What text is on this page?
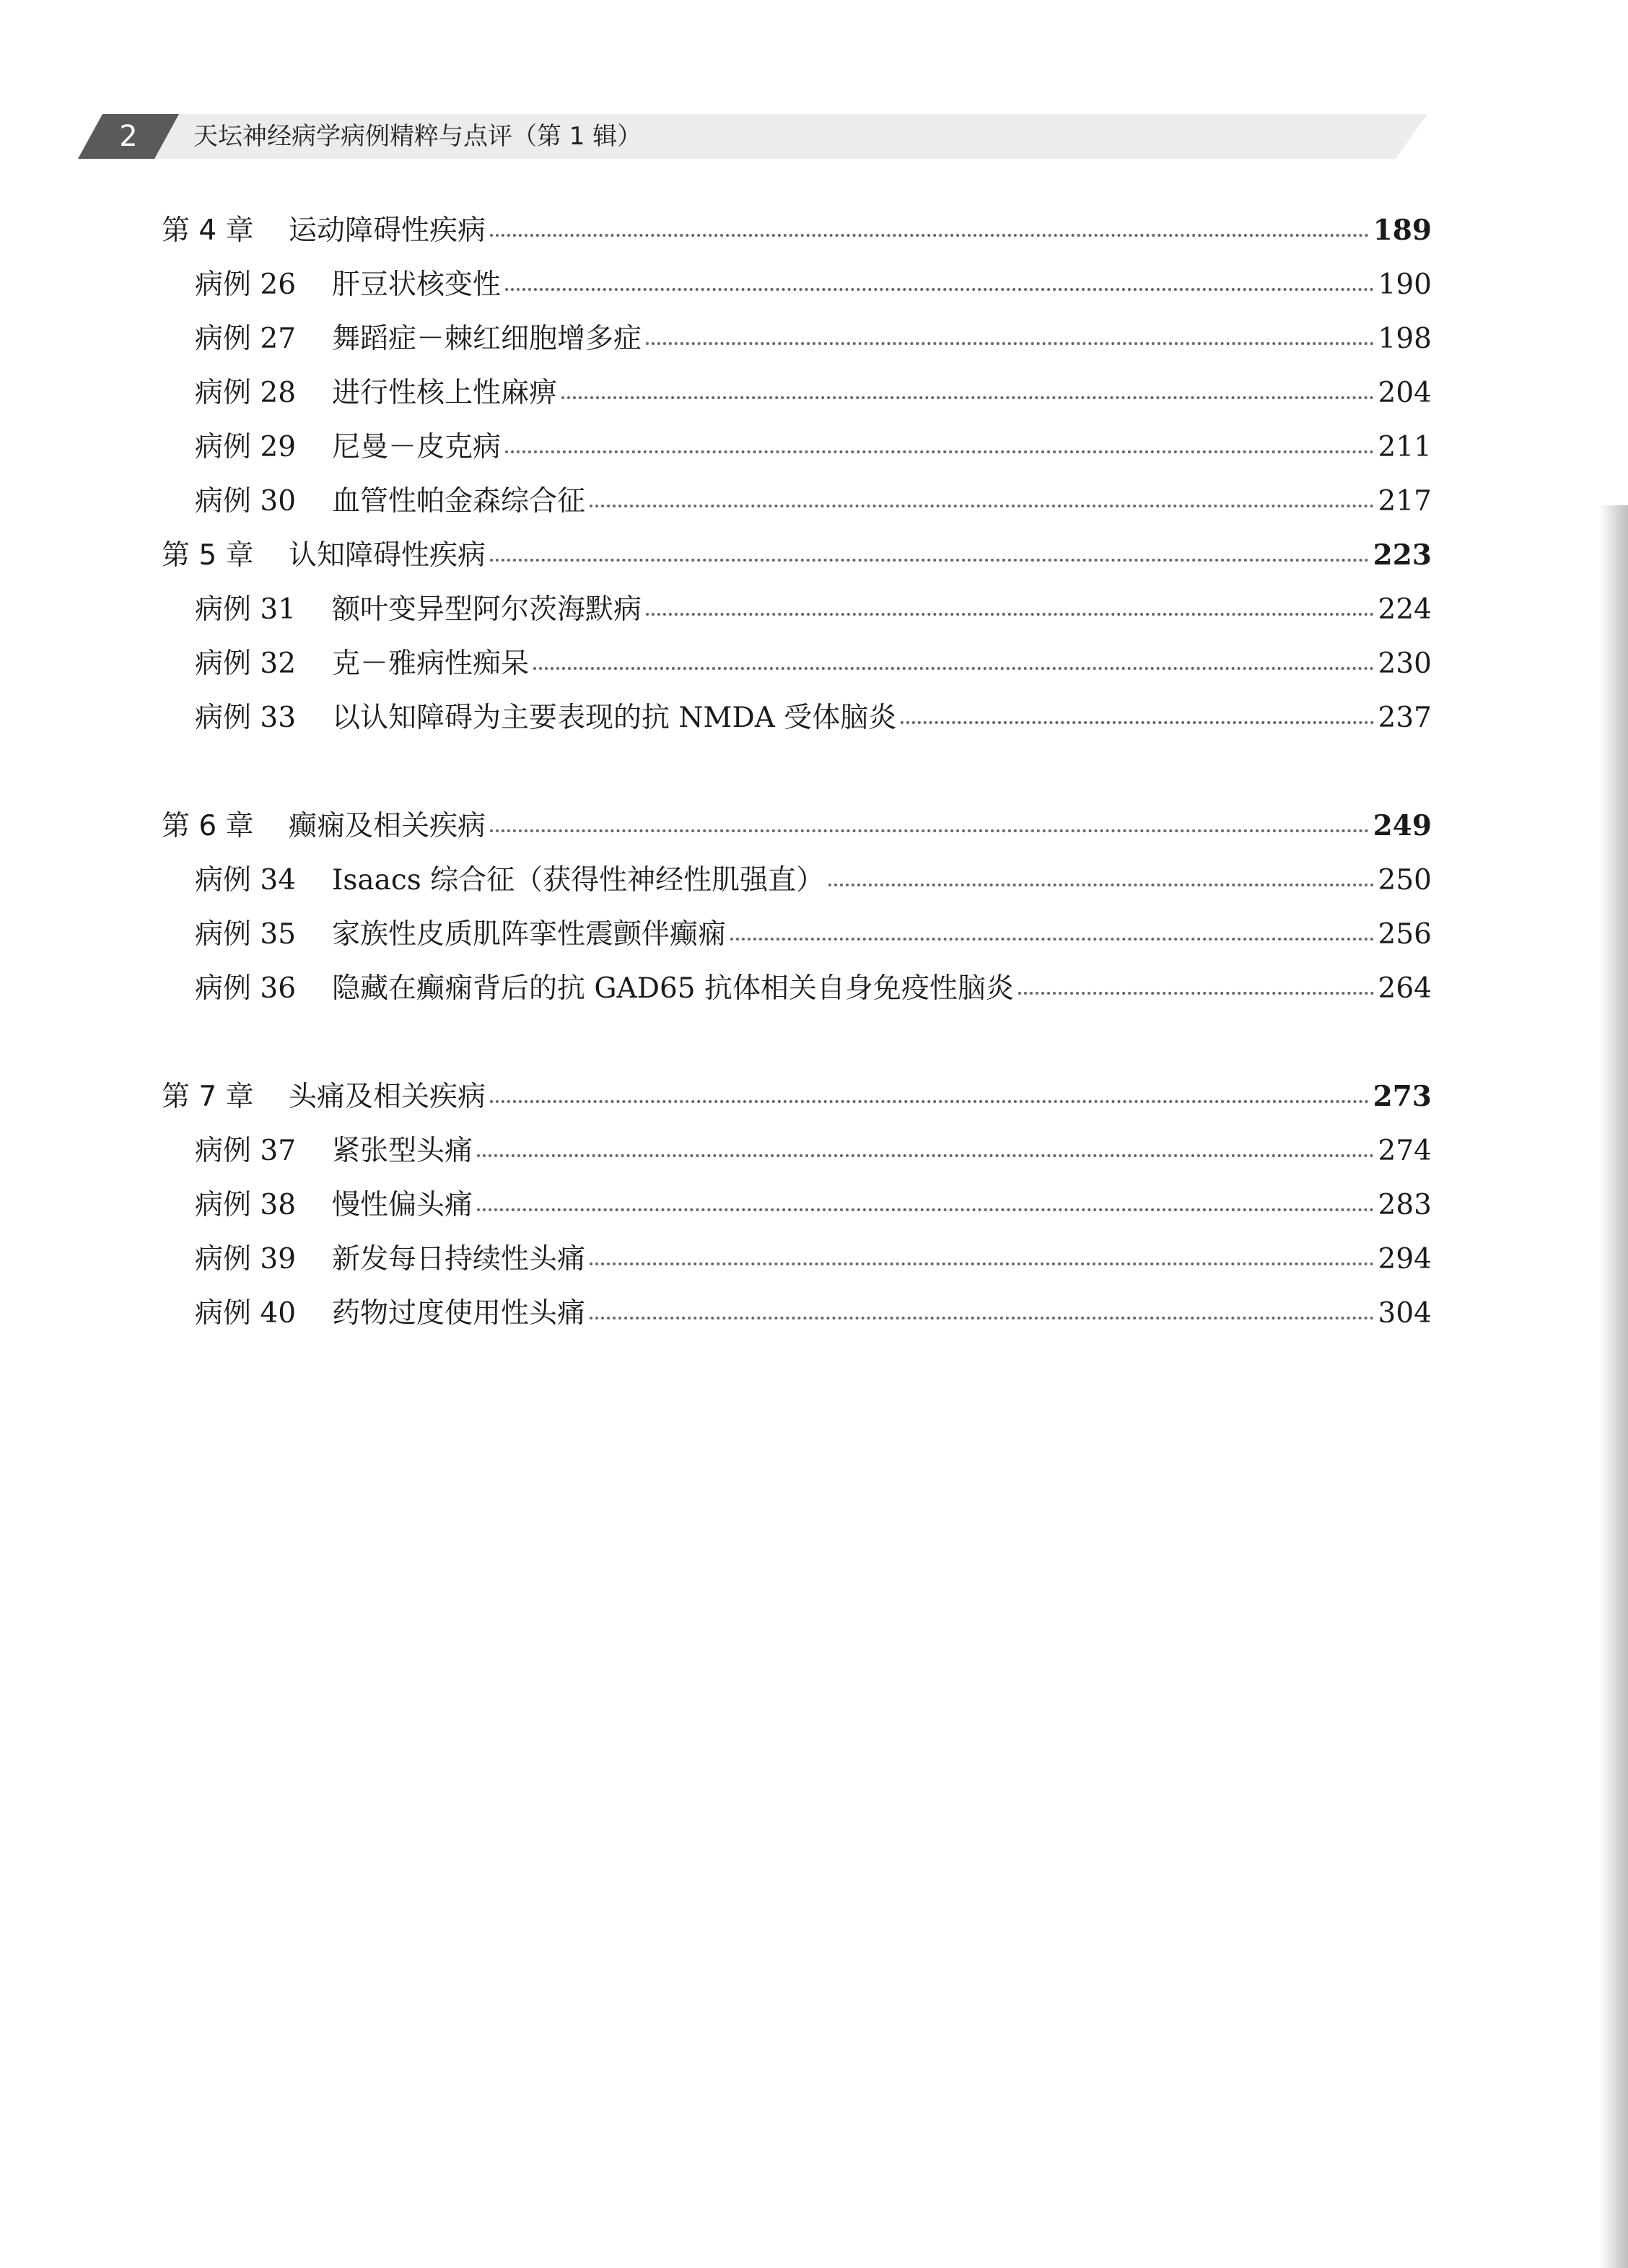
2	天坛神经病学病例精粹与点评（第 1 辑）
第 4 章	运动障碍性疾病	189
病例 26	肝豆状核变性	190
病例 27	舞蹈症－棘红细胞增多症	198
病例 28	进行性核上性麻痹	204
病例 29	尼曼－皮克病	211
病例 30	血管性帕金森综合征	217
第 5 章	认知障碍性疾病	223
病例 31	额叶变异型阿尔茨海默病	224
病例 32	克－雅病性痴呆	230
病例 33	以认知障碍为主要表现的抗 NMDA 受体脑炎	237
第 6 章	癫痫及相关疾病	249
病例 34	Isaacs 综合征（获得性神经性肌强直）	250
病例 35	家族性皮质肌阵挛性震颤伴癫痫	256
病例 36	隐藏在癫痫背后的抗 GAD65 抗体相关自身免疫性脑炎	264
第 7 章	头痛及相关疾病	273
病例 37	紧张型头痛	274
病例 38	慢性偏头痛	283
病例 39	新发每日持续性头痛	294
病例 40	药物过度使用性头痛	304
